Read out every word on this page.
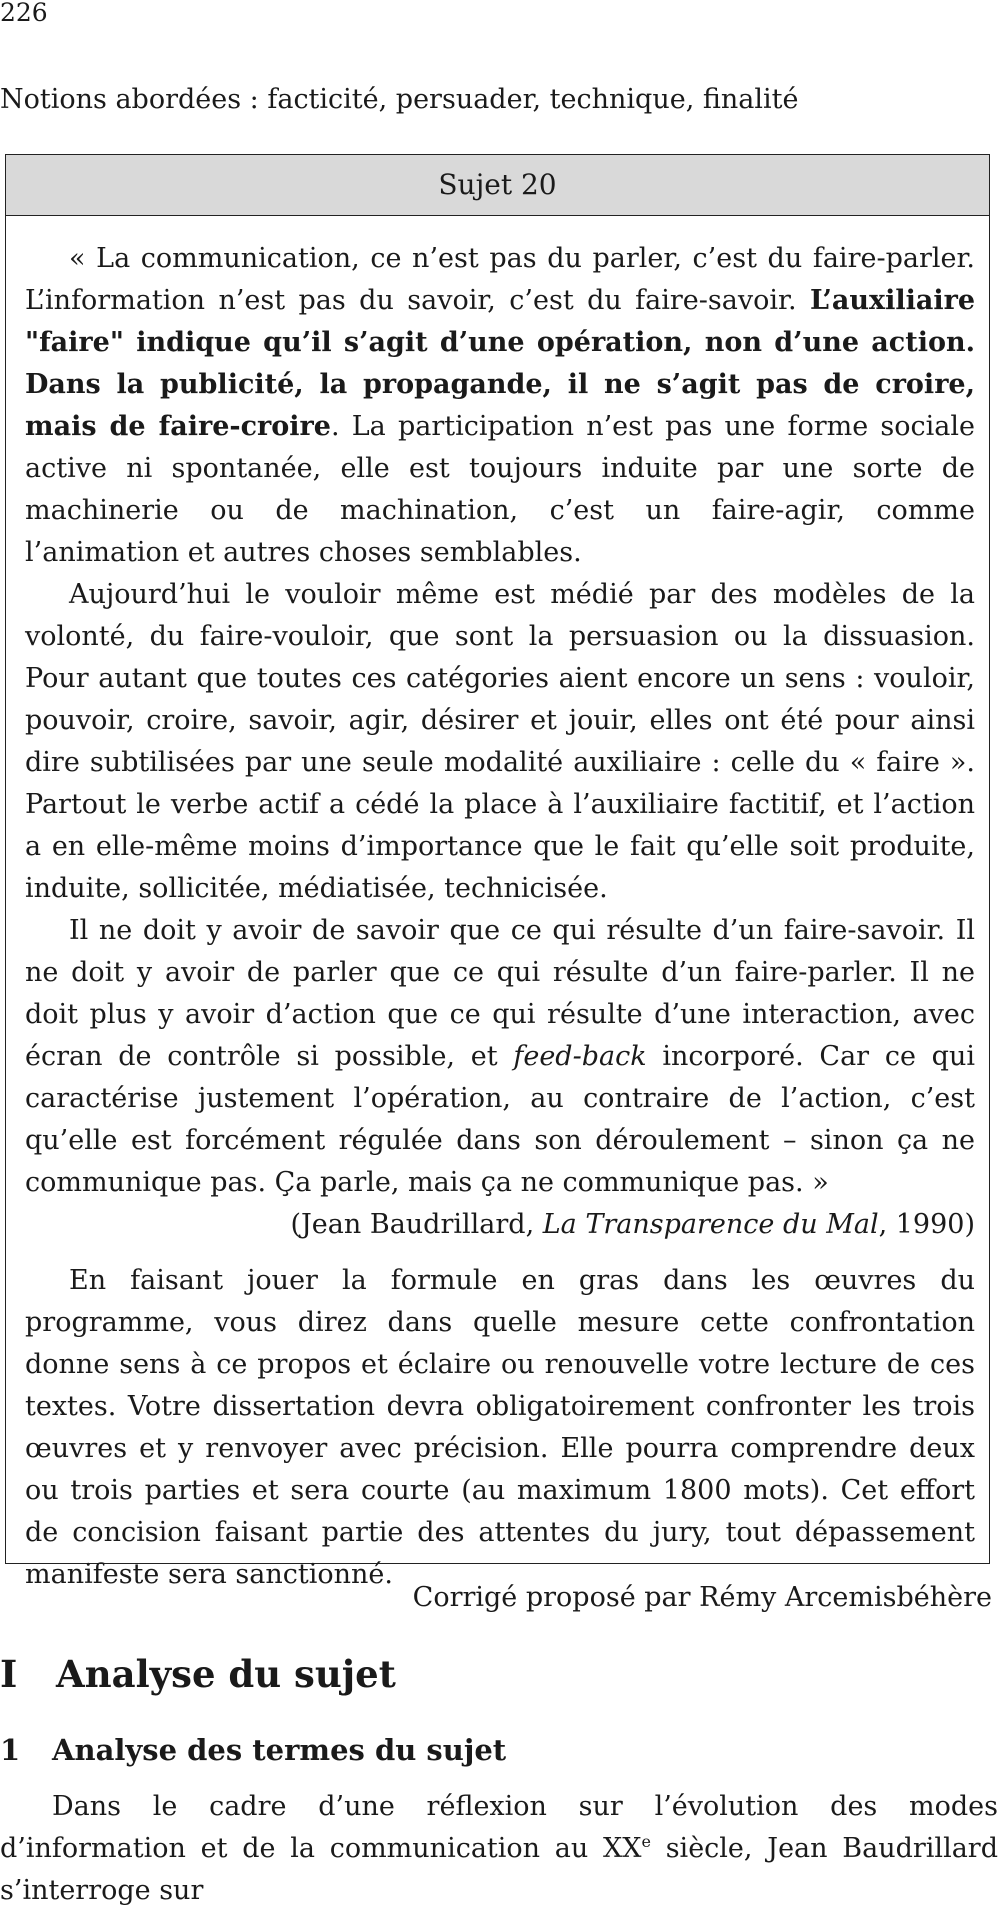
226
Notions abordées : facticité, persuader, technique, finalité
Sujet 20

« La communication, ce n’est pas du parler, c’est du faire-parler. L’information n’est pas du savoir, c’est du faire-savoir. L’auxiliaire "faire" indique qu’il s’agit d’une opération, non d’une action. Dans la publicité, la propagande, il ne s’agit pas de croire, mais de faire-croire. La participation n’est pas une forme sociale active ni spontanée, elle est toujours induite par une sorte de machinerie ou de machination, c’est un faire-agir, comme l’animation et autres choses semblables.

Aujourd’hui le vouloir même est médié par des modèles de la volonté, du faire-vouloir, que sont la persuasion ou la dissuasion. Pour autant que toutes ces catégories aient encore un sens : vouloir, pouvoir, croire, savoir, agir, désirer et jouir, elles ont été pour ainsi dire subtilisées par une seule modalité auxiliaire : celle du « faire ». Partout le verbe actif a cédé la place à l’auxiliaire factitif, et l’action a en elle-même moins d’importance que le fait qu’elle soit produite, induite, sollicitée, médiatisée, technicisée.

Il ne doit y avoir de savoir que ce qui résulte d’un faire-savoir. Il ne doit y avoir de parler que ce qui résulte d’un faire-parler. Il ne doit plus y avoir d’action que ce qui résulte d’une interaction, avec écran de contrôle si possible, et feed-back incorporé. Car ce qui caractérise justement l’opération, au contraire de l’action, c’est qu’elle est forcément régulée dans son déroulement – sinon ça ne communique pas. Ça parle, mais ça ne communique pas. »

(Jean Baudrillard, La Transparence du Mal, 1990)

En faisant jouer la formule en gras dans les œuvres du programme, vous direz dans quelle mesure cette confrontation donne sens à ce propos et éclaire ou renouvelle votre lecture de ces textes. Votre dissertation devra obligatoirement confronter les trois œuvres et y renvoyer avec précision. Elle pourra comprendre deux ou trois parties et sera courte (au maximum 1800 mots). Cet effort de concision faisant partie des attentes du jury, tout dépassement manifeste sera sanctionné.

Corrigé proposé par Rémy Arcemisbéhère
I Analyse du sujet
1 Analyse des termes du sujet

Dans le cadre d’une réflexion sur l’évolution des modes d’information et de la communication au XXe siècle, Jean Baudrillard s’interroge sur
